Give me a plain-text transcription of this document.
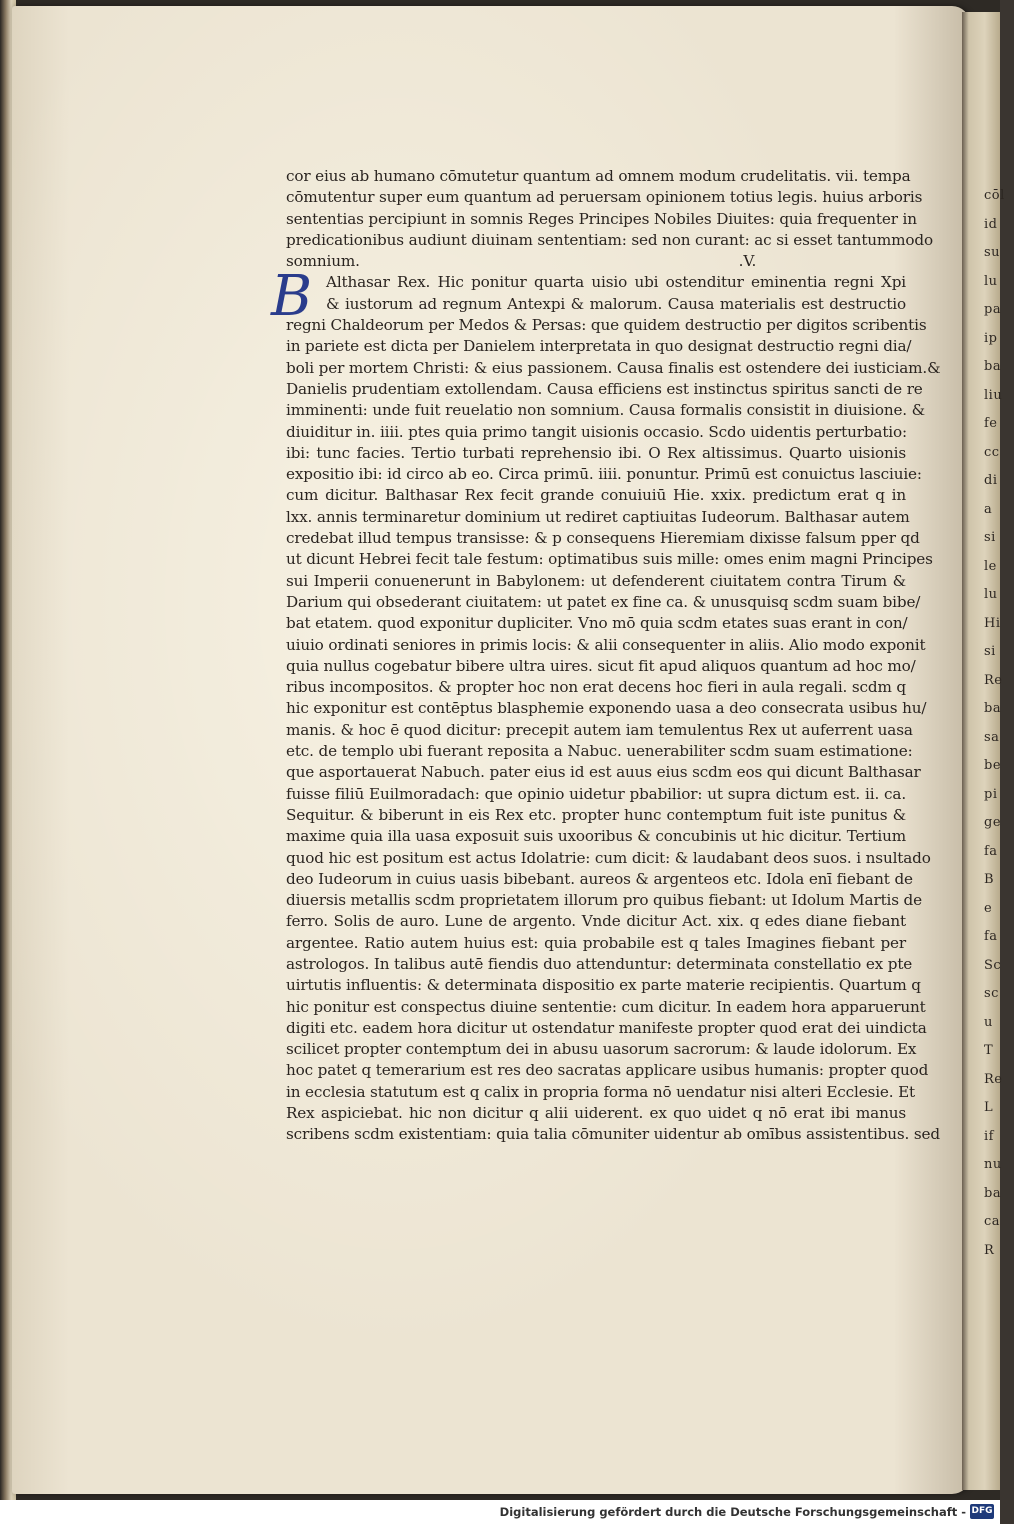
cōl
id
su
lu
pa
ip
ba
liu
fe
cc
di
a
si
le
lu
Hi
si
Re
ba
sa
be
pi
ge
fa
B
e
fa
Sc
sc
u
T
Re
L
if
nu
ba
ca
R
B
cor eius ab humano cōmutetur quantum ad omnem modum crudelitatis. vii. tempa
cōmutentur super eum quantum ad peruersam opinionem totius legis. huius arboris
sententias percipiunt in somnis Reges Principes Nobiles Diuites: quia frequenter in
predicationibus audiunt diuinam sententiam: sed non curant: ac si esset tantummodo
somnium.                                                                                 .V.
Althasar Rex. Hic ponitur quarta uisio ubi ostenditur eminentia regni Xpi
& iustorum ad regnum Antexpi & malorum. Causa materialis est destructio
regni Chaldeorum per Medos & Persas: que quidem destructio per digitos scribentis
in pariete est dicta per Danielem interpretata in quo designat destructio regni dia/
boli per mortem Christi: & eius passionem. Causa finalis est ostendere dei iusticiam.&
Danielis prudentiam extollendam. Causa efficiens est instinctus spiritus sancti de re
imminenti: unde fuit reuelatio non somnium. Causa formalis consistit in diuisione. &
diuiditur in. iiii. ptes quia primo tangit uisionis occasio. Scdo uidentis perturbatio:
ibi: tunc facies. Tertio turbati reprehensio ibi. O Rex altissimus. Quarto uisionis
expositio ibi: id circo ab eo. Circa primū. iiii. ponuntur. Primū est conuictus lasciuie:
cum dicitur. Balthasar Rex fecit grande conuiuiū Hie. xxix. predictum erat q in
lxx. annis terminaretur dominium ut rediret captiuitas Iudeorum. Balthasar autem
credebat illud tempus transisse: & p consequens Hieremiam dixisse falsum pper qd
ut dicunt Hebrei fecit tale festum: optimatibus suis mille: omes enim magni Principes
sui Imperii conuenerunt in Babylonem: ut defenderent ciuitatem contra Tirum &
Darium qui obsederant ciuitatem: ut patet ex fine ca. & unusquisq scdm suam bibe/
bat etatem. quod exponitur dupliciter. Vno mō quia scdm etates suas erant in con/
uiuio ordinati seniores in primis locis: & alii consequenter in aliis. Alio modo exponit
quia nullus cogebatur bibere ultra uires. sicut fit apud aliquos quantum ad hoc mo/
ribus incompositos. & propter hoc non erat decens hoc fieri in aula regali. scdm q
hic exponitur est contēptus blasphemie exponendo uasa a deo consecrata usibus hu/
manis. & hoc ē quod dicitur: precepit autem iam temulentus Rex ut auferrent uasa
etc. de templo ubi fuerant reposita a Nabuc. uenerabiliter scdm suam estimatione:
que asportauerat Nabuch. pater eius id est auus eius scdm eos qui dicunt Balthasar
fuisse filiū Euilmoradach: que opinio uidetur pbabilior: ut supra dictum est. ii. ca.
Sequitur. & biberunt in eis Rex etc. propter hunc contemptum fuit iste punitus &
maxime quia illa uasa exposuit suis uxooribus & concubinis ut hic dicitur. Tertium
quod hic est positum est actus Idolatrie: cum dicit: & laudabant deos suos. i nsultado
deo Iudeorum in cuius uasis bibebant. aureos & argenteos etc. Idola enī fiebant de
diuersis metallis scdm proprietatem illorum pro quibus fiebant: ut Idolum Martis de
ferro. Solis de auro. Lune de argento. Vnde dicitur Act. xix. q edes diane fiebant
argentee. Ratio autem huius est: quia probabile est q tales Imagines fiebant per
astrologos. In talibus autē fiendis duo attenduntur: determinata constellatio ex pte
uirtutis influentis: & determinata dispositio ex parte materie recipientis. Quartum q
hic ponitur est conspectus diuine sententie: cum dicitur. In eadem hora apparuerunt
digiti etc. eadem hora dicitur ut ostendatur manifeste propter quod erat dei uindicta
scilicet propter contemptum dei in abusu uasorum sacrorum: & laude idolorum. Ex
hoc patet q temerarium est res deo sacratas applicare usibus humanis: propter quod
in ecclesia statutum est q calix in propria forma nō uendatur nisi alteri Ecclesie. Et
Rex aspiciebat. hic non dicitur q alii uiderent. ex quo uidet q nō erat ibi manus
scribens scdm existentiam: quia talia cōmuniter uidentur ab omībus assistentibus. sed
Digitalisierung gefördert durch die Deutsche Forschungsgemeinschaft - DFG
